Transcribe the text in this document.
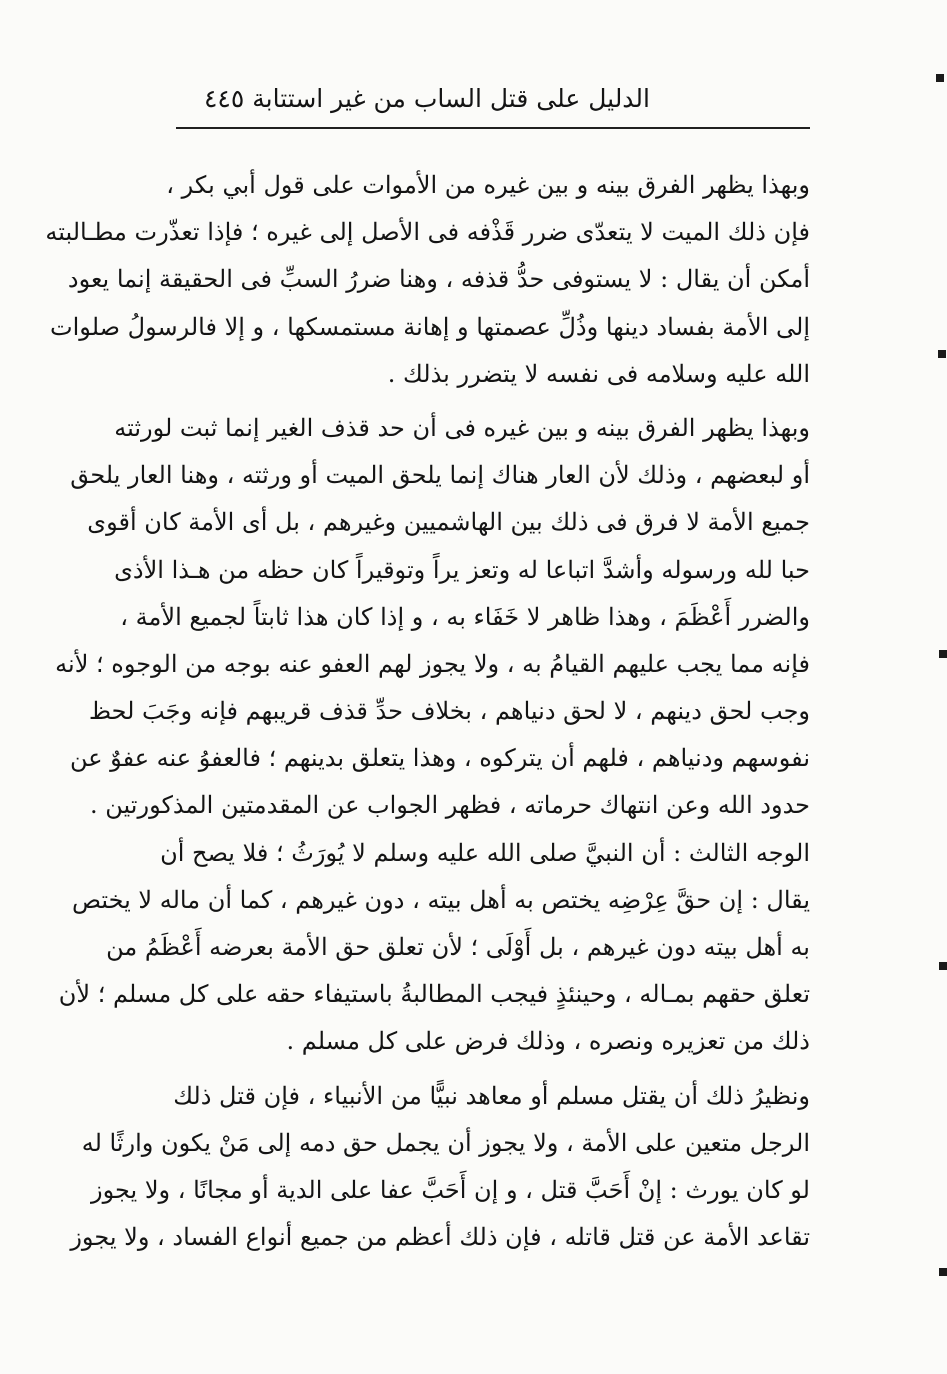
الدليل على قتل الساب من غير استتابة
٤٤٥
وبهذا يظهر الفرق بينه و بين غيره من الأموات على قول أبي بكر ،
فإن ذلك الميت لا يتعدّى ضرر قَذْفه فى الأصل إلى غيره ؛ فإذا تعذّرت مطـالبته
أمكن أن يقال : لا يستوفى حدُّ قذفه ، وهنا ضررُ السبِّ فى الحقيقة إنما يعود
إلى الأمة بفساد دينها وذُلِّ عصمتها و إهانة مستمسكها ، و إلا فالرسولُ صلوات
الله عليه وسلامه فى نفسه لا يتضرر بذلك .
وبهذا يظهر الفرق بينه و بين غيره فى أن حد قذف الغير إنما ثبت لورثته
أو لبعضهم ، وذلك لأن العار هناك إنما يلحق الميت أو ورثته ، وهنا العار يلحق
جميع الأمة لا فرق فى ذلك بين الهاشميين وغيرهم ، بل أى الأمة كان أقوى
حبا لله ورسوله وأشدَّ اتباعا له وتعز يراً وتوقيراً كان حظه من هـذا الأذى
والضرر أَعْظَمَ ، وهذا ظاهر لا خَفَاء به ، و إذا كان هذا ثابتاً لجميع الأمة ،
فإنه مما يجب عليهم القيامُ به ، ولا يجوز لهم العفو عنه بوجه من الوجوه ؛ لأنه
وجب لحق دينهم ، لا لحق دنياهم ، بخلاف حدِّ قذف قريبهم فإنه وجَبَ لحظ
نفوسهم ودنياهم ، فلهم أن يتركوه ، وهذا يتعلق بدينهم ؛ فالعفوُ عنه عفوٌ عن
حدود الله وعن انتهاك حرماته ، فظهر الجواب عن المقدمتين المذكورتين .
الوجه الثالث : أن النبيَّ صلى الله عليه وسلم لا يُورَثُ ؛ فلا يصح أن
يقال : إن حقَّ عِرْضِه يختص به أهل بيته ، دون غيرهم ، كما أن ماله لا يختص
به أهل بيته دون غيرهم ، بل أَوْلَى ؛ لأن تعلق حق الأمة بعرضه أَعْظَمُ من
تعلق حقهم بمـاله ، وحينئذٍ فيجب المطالبةُ باستيفاء حقه على كل مسلم ؛ لأن
ذلك من تعزيره ونصره ، وذلك فرض على كل مسلم .
ونظيرُ ذلك أن يقتل مسلم أو معاهد نبيًّا من الأنبياء ، فإن قتل ذلك
الرجل متعين على الأمة ، ولا يجوز أن يجمل حق دمه إلى مَنْ يكون وارثًا له
لو كان يورث : إنْ أَحَبَّ قتل ، و إن أَحَبَّ عفا على الدية أو مجانًا ، ولا يجوز
تقاعد الأمة عن قتل قاتله ، فإن ذلك أعظم من جميع أنواع الفساد ، ولا يجوز
